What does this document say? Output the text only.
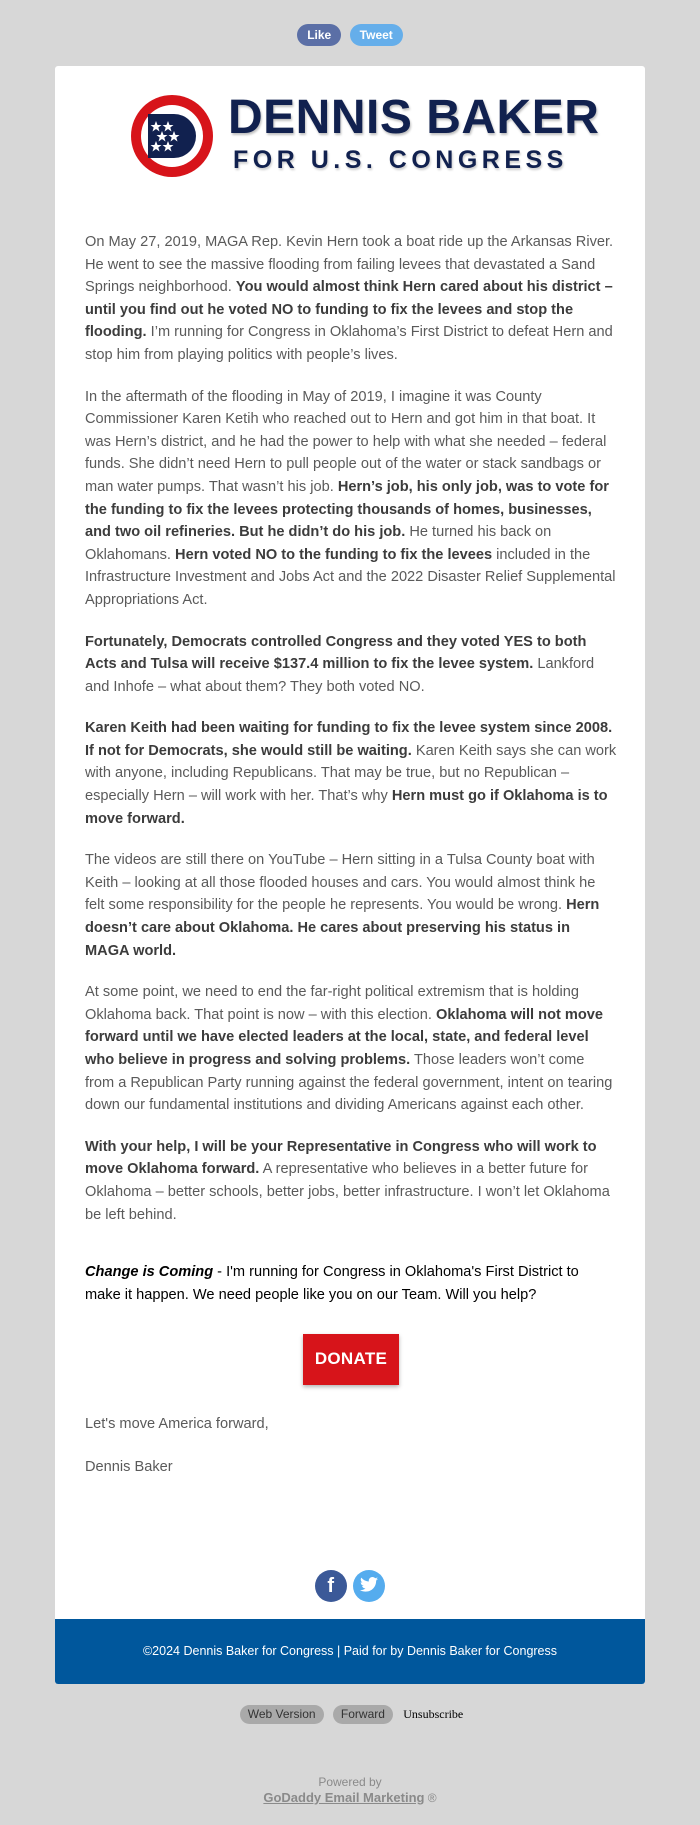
Like Tweet
DENNIS BAKER
FOR U.S. CONGRESS

On May 27, 2019, MAGA Rep. Kevin Hern took a boat ride up the Arkansas River. He went to see the massive flooding from failing levees that devastated a Sand Springs neighborhood. You would almost think Hern cared about his district – until you find out he voted NO to funding to fix the levees and stop the flooding. I’m running for Congress in Oklahoma’s First District to defeat Hern and stop him from playing politics with people’s lives.

In the aftermath of the flooding in May of 2019, I imagine it was County Commissioner Karen Ketih who reached out to Hern and got him in that boat. It was Hern’s district, and he had the power to help with what she needed – federal funds. She didn’t need Hern to pull people out of the water or stack sandbags or man water pumps. That wasn’t his job. Hern’s job, his only job, was to vote for the funding to fix the levees protecting thousands of homes, businesses, and two oil refineries. But he didn’t do his job. He turned his back on Oklahomans. Hern voted NO to the funding to fix the levees included in the Infrastructure Investment and Jobs Act and the 2022 Disaster Relief Supplemental Appropriations Act.

Fortunately, Democrats controlled Congress and they voted YES to both Acts and Tulsa will receive $137.4 million to fix the levee system. Lankford and Inhofe – what about them? They both voted NO.

Karen Keith had been waiting for funding to fix the levee system since 2008. If not for Democrats, she would still be waiting. Karen Keith says she can work with anyone, including Republicans. That may be true, but no Republican – especially Hern – will work with her. That’s why Hern must go if Oklahoma is to move forward.

The videos are still there on YouTube – Hern sitting in a Tulsa County boat with Keith – looking at all those flooded houses and cars. You would almost think he felt some responsibility for the people he represents. You would be wrong. Hern doesn’t care about Oklahoma. He cares about preserving his status in MAGA world.

At some point, we need to end the far-right political extremism that is holding Oklahoma back. That point is now – with this election. Oklahoma will not move forward until we have elected leaders at the local, state, and federal level who believe in progress and solving problems. Those leaders won’t come from a Republican Party running against the federal government, intent on tearing down our fundamental institutions and dividing Americans against each other.

With your help, I will be your Representative in Congress who will work to move Oklahoma forward. A representative who believes in a better future for Oklahoma – better schools, better jobs, better infrastructure. I won’t let Oklahoma be left behind.

Change is Coming - I'm running for Congress in Oklahoma's First District to make it happen. We need people like you on our Team. Will you help?

DONATE

Let's move America forward,

Dennis Baker

f
©2024 Dennis Baker for Congress | Paid for by Dennis Baker for Congress
Web Version Forward Unsubscribe
Powered by
GoDaddy Email Marketing ®
